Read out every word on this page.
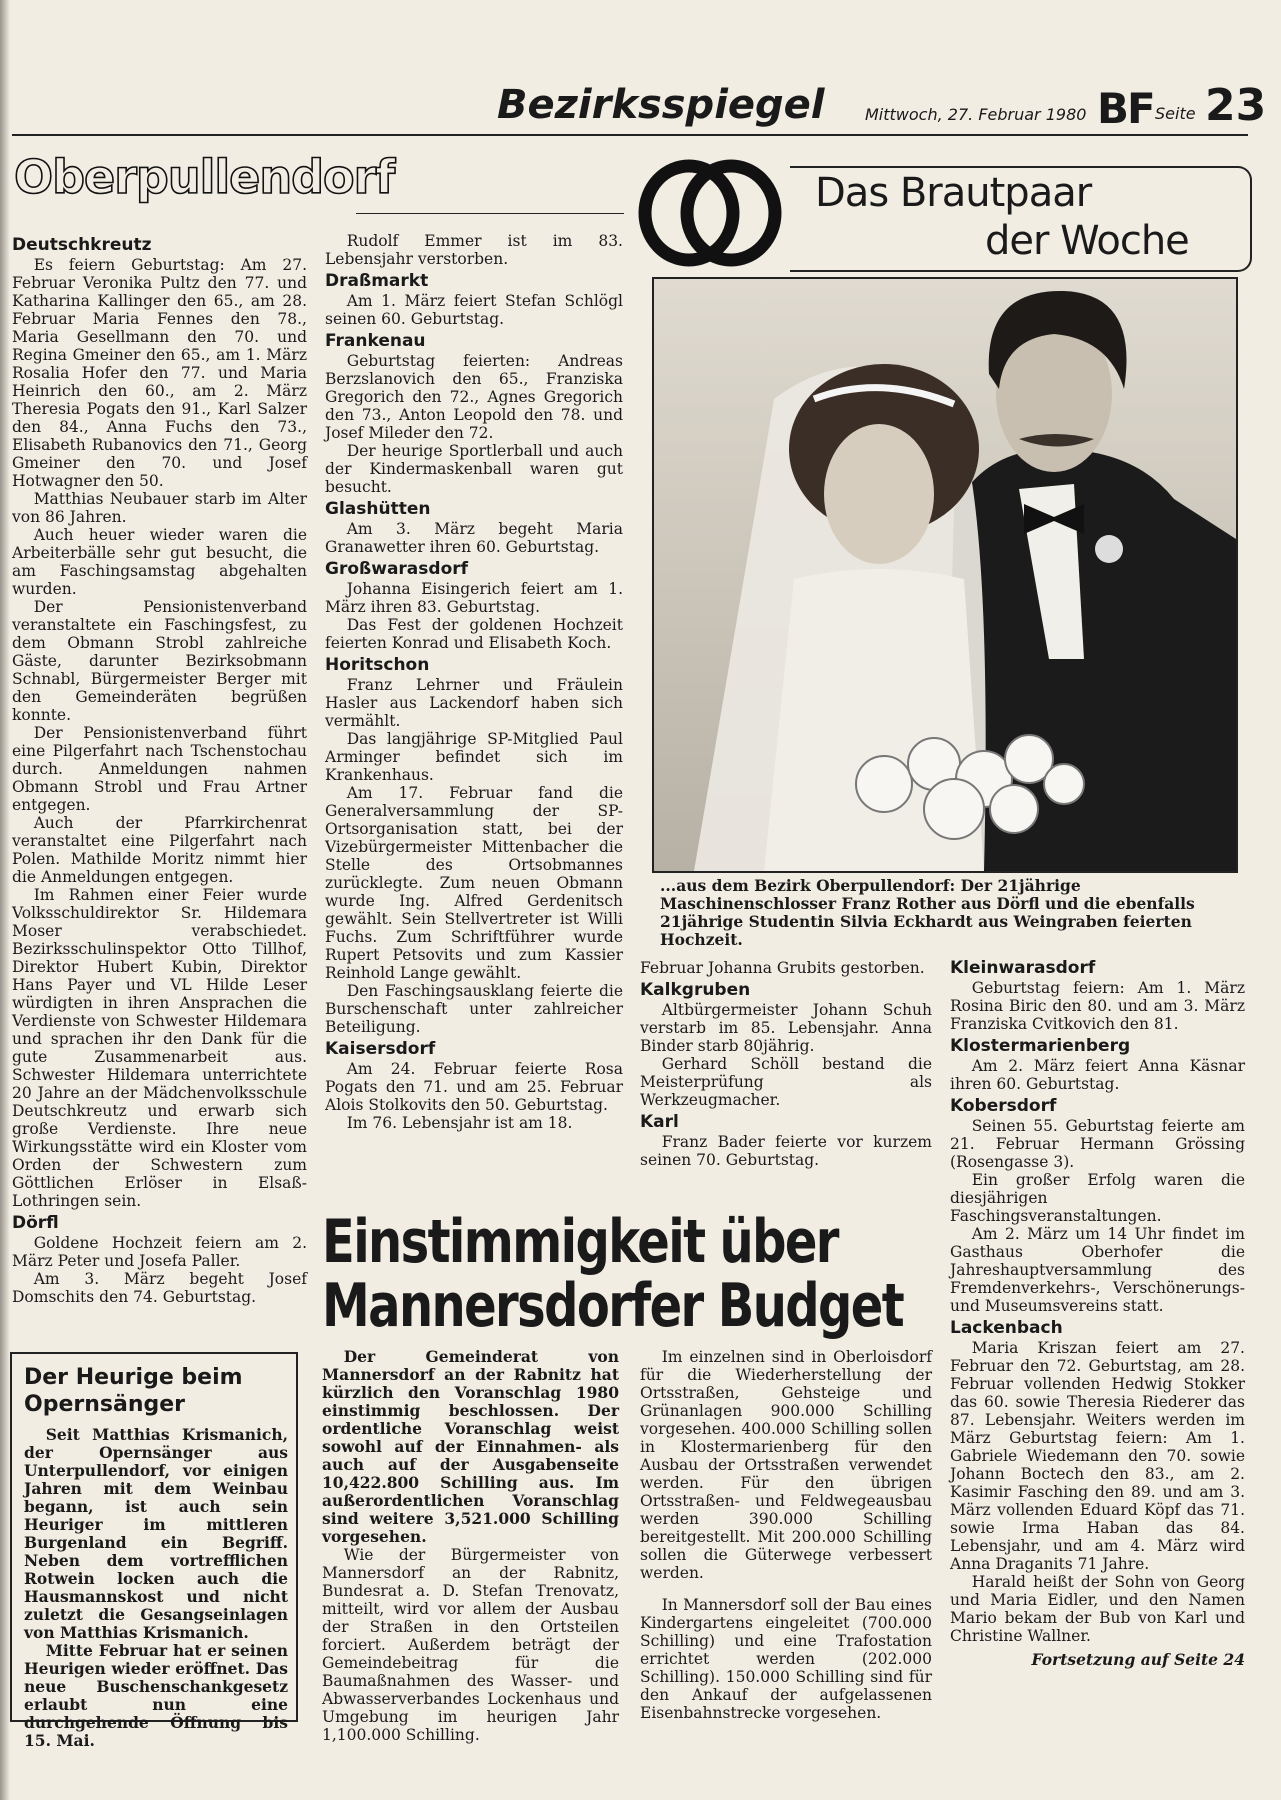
Bezirksspiegel	Mittwoch, 27. Februar 1980 BF Seite 23
Oberpullendorf
Deutschkreutz

Es feiern Geburtstag: Am 27. Februar Veronika Pultz den 77. und Katharina Kallinger den 65., am 28. Februar Maria Fennes den 78., Maria Gesellmann den 70. und Regina Gmeiner den 65., am 1. März Rosalia Hofer den 77. und Maria Heinrich den 60., am 2. März Theresia Pogats den 91., Karl Salzer den 84., Anna Fuchs den 73., Elisabeth Rubanovics den 71., Georg Gmeiner den 70. und Josef Hotwagner den 50.

Matthias Neubauer starb im Alter von 86 Jahren.

Auch heuer wieder waren die Arbeiterbälle sehr gut besucht, die am Faschingsamstag abgehalten wurden.

Der Pensionistenverband veranstaltete ein Faschingsfest, zu dem Obmann Strobl zahlreiche Gäste, darunter Bezirksobmann Schnabl, Bürgermeister Berger mit den Gemeinderäten begrüßen konnte.

Der Pensionistenverband führt eine Pilgerfahrt nach Tschenstochau durch. Anmeldungen nahmen Obmann Strobl und Frau Artner entgegen.

Auch der Pfarrkirchenrat veranstaltet eine Pilgerfahrt nach Polen. Mathilde Moritz nimmt hier die Anmeldungen entgegen.

Im Rahmen einer Feier wurde Volksschuldirektor Sr. Hildemara Moser verabschiedet. Bezirksschulinspektor Otto Tillhof, Direktor Hubert Kubin, Direktor Hans Payer und VL Hilde Leser würdigten in ihren Ansprachen die Verdienste von Schwester Hildemara und sprachen ihr den Dank für die gute Zusammenarbeit aus. Schwester Hildemara unterrichtete 20 Jahre an der Mädchenvolksschule Deutschkreutz und erwarb sich große Verdienste. Ihre neue Wirkungsstätte wird ein Kloster vom Orden der Schwestern zum Göttlichen Erlöser in Elsaß-Lothringen sein.

Dörfl

Goldene Hochzeit feiern am 2. März Peter und Josefa Paller.

Am 3. März begeht Josef Domschits den 74. Geburtstag.

Der Heurige beim Opernsänger

Seit Matthias Krismanich, der Opernsänger aus Unterpullendorf, vor einigen Jahren mit dem Weinbau begann, ist auch sein Heuriger im mittleren Burgenland ein Begriff. Neben dem vortrefflichen Rotwein locken auch die Hausmannskost und nicht zuletzt die Gesangseinlagen von Matthias Krismanich.

Mitte Februar hat er seinen Heurigen wieder eröffnet. Das neue Buschenschankgesetz erlaubt nun eine durchgehende Öffnung bis 15. Mai.

Rudolf Emmer ist im 83. Lebensjahr verstorben.

Draßmarkt

Am 1. März feiert Stefan Schlögl seinen 60. Geburtstag.

Frankenau

Geburtstag feierten: Andreas Berzslanovich den 65., Franziska Gregorich den 72., Agnes Gregorich den 73., Anton Leopold den 78. und Josef Mileder den 72.

Der heurige Sportlerball und auch der Kindermaskenball waren gut besucht.

Glashütten

Am 3. März begeht Maria Granawetter ihren 60. Geburtstag.

Großwarasdorf

Johanna Eisingerich feiert am 1. März ihren 83. Geburtstag.

Das Fest der goldenen Hochzeit feierten Konrad und Elisabeth Koch.

Horitschon

Franz Lehrner und Fräulein Hasler aus Lackendorf haben sich vermählt.

Das langjährige SP-Mitglied Paul Arminger befindet sich im Krankenhaus.

Am 17. Februar fand die Generalversammlung der SP-Ortsorganisation statt, bei der Vizebürgermeister Mittenbacher die Stelle des Ortsobmannes zurücklegte. Zum neuen Obmann wurde Ing. Alfred Gerdenitsch gewählt. Sein Stellvertreter ist Willi Fuchs. Zum Schriftführer wurde Rupert Petsovits und zum Kassier Reinhold Lange gewählt.

Den Faschingsausklang feierte die Burschenschaft unter zahlreicher Beteiligung.

Kaisersdorf

Am 24. Februar feierte Rosa Pogats den 71. und am 25. Februar Alois Stolkovits den 50. Geburtstag.

Im 76. Lebensjahr ist am 18.

Das Brautpaar
der Woche
...aus dem Bezirk Oberpullendorf: Der 21jährige Maschinenschlosser Franz Rother aus Dörfl und die ebenfalls 21jährige Studentin Silvia Eckhardt aus Weingraben feierten Hochzeit.

Februar Johanna Grubits gestorben.

Kalkgruben

Altbürgermeister Johann Schuh verstarb im 85. Lebensjahr. Anna Binder starb 80jährig.

Gerhard Schöll bestand die Meisterprüfung als Werkzeugmacher.

Karl

Franz Bader feierte vor kurzem seinen 70. Geburtstag.

Kleinwarasdorf

Geburtstag feiern: Am 1. März Rosina Biric den 80. und am 3. März Franziska Cvitkovich den 81.

Klostermarienberg

Am 2. März feiert Anna Käsnar ihren 60. Geburtstag.

Kobersdorf

Seinen 55. Geburtstag feierte am 21. Februar Hermann Grössing (Rosengasse 3).

Ein großer Erfolg waren die diesjährigen Faschingsveranstaltungen.

Am 2. März um 14 Uhr findet im Gasthaus Oberhofer die Jahreshauptversammlung des Fremdenverkehrs-, Verschönerungs- und Museumsvereins statt.

Lackenbach

Maria Kriszan feiert am 27. Februar den 72. Geburtstag, am 28. Februar vollenden Hedwig Stokker das 60. sowie Theresia Riederer das 87. Lebensjahr. Weiters werden im März Geburtstag feiern: Am 1. Gabriele Wiedemann den 70. sowie Johann Boctech den 83., am 2. Kasimir Fasching den 89. und am 3. März vollenden Eduard Köpf das 71. sowie Irma Haban das 84. Lebensjahr, und am 4. März wird Anna Draganits 71 Jahre.

Harald heißt der Sohn von Georg und Maria Eidler, und den Namen Mario bekam der Bub von Karl und Christine Wallner.

Fortsetzung auf Seite 24

Einstimmigkeit über
Mannersdorfer Budget

Der Gemeinderat von Mannersdorf an der Rabnitz hat kürzlich den Voranschlag 1980 einstimmig beschlossen. Der ordentliche Voranschlag weist sowohl auf der Einnahmen- als auch auf der Ausgabenseite 10,422.800 Schilling aus. Im außerordentlichen Voranschlag sind weitere 3,521.000 Schilling vorgesehen.

Wie der Bürgermeister von Mannersdorf an der Rabnitz, Bundesrat a. D. Stefan Trenovatz, mitteilt, wird vor allem der Ausbau der Straßen in den Ortsteilen forciert. Außerdem beträgt der Gemeindebeitrag für die Baumaßnahmen des Wasser- und Abwasserverbandes Lockenhaus und Umgebung im heurigen Jahr 1,100.000 Schilling.

Im einzelnen sind in Oberloisdorf für die Wiederherstellung der Ortsstraßen, Gehsteige und Grünanlagen 900.000 Schilling vorgesehen. 400.000 Schilling sollen in Klostermarienberg für den Ausbau der Ortsstraßen verwendet werden. Für den übrigen Ortsstraßen- und Feldwegeausbau werden 390.000 Schilling bereitgestellt. Mit 200.000 Schilling sollen die Güterwege verbessert werden.

In Mannersdorf soll der Bau eines Kindergartens eingeleitet (700.000 Schilling) und eine Trafostation errichtet werden (202.000 Schilling). 150.000 Schilling sind für den Ankauf der aufgelassenen Eisenbahnstrecke vorgesehen.
